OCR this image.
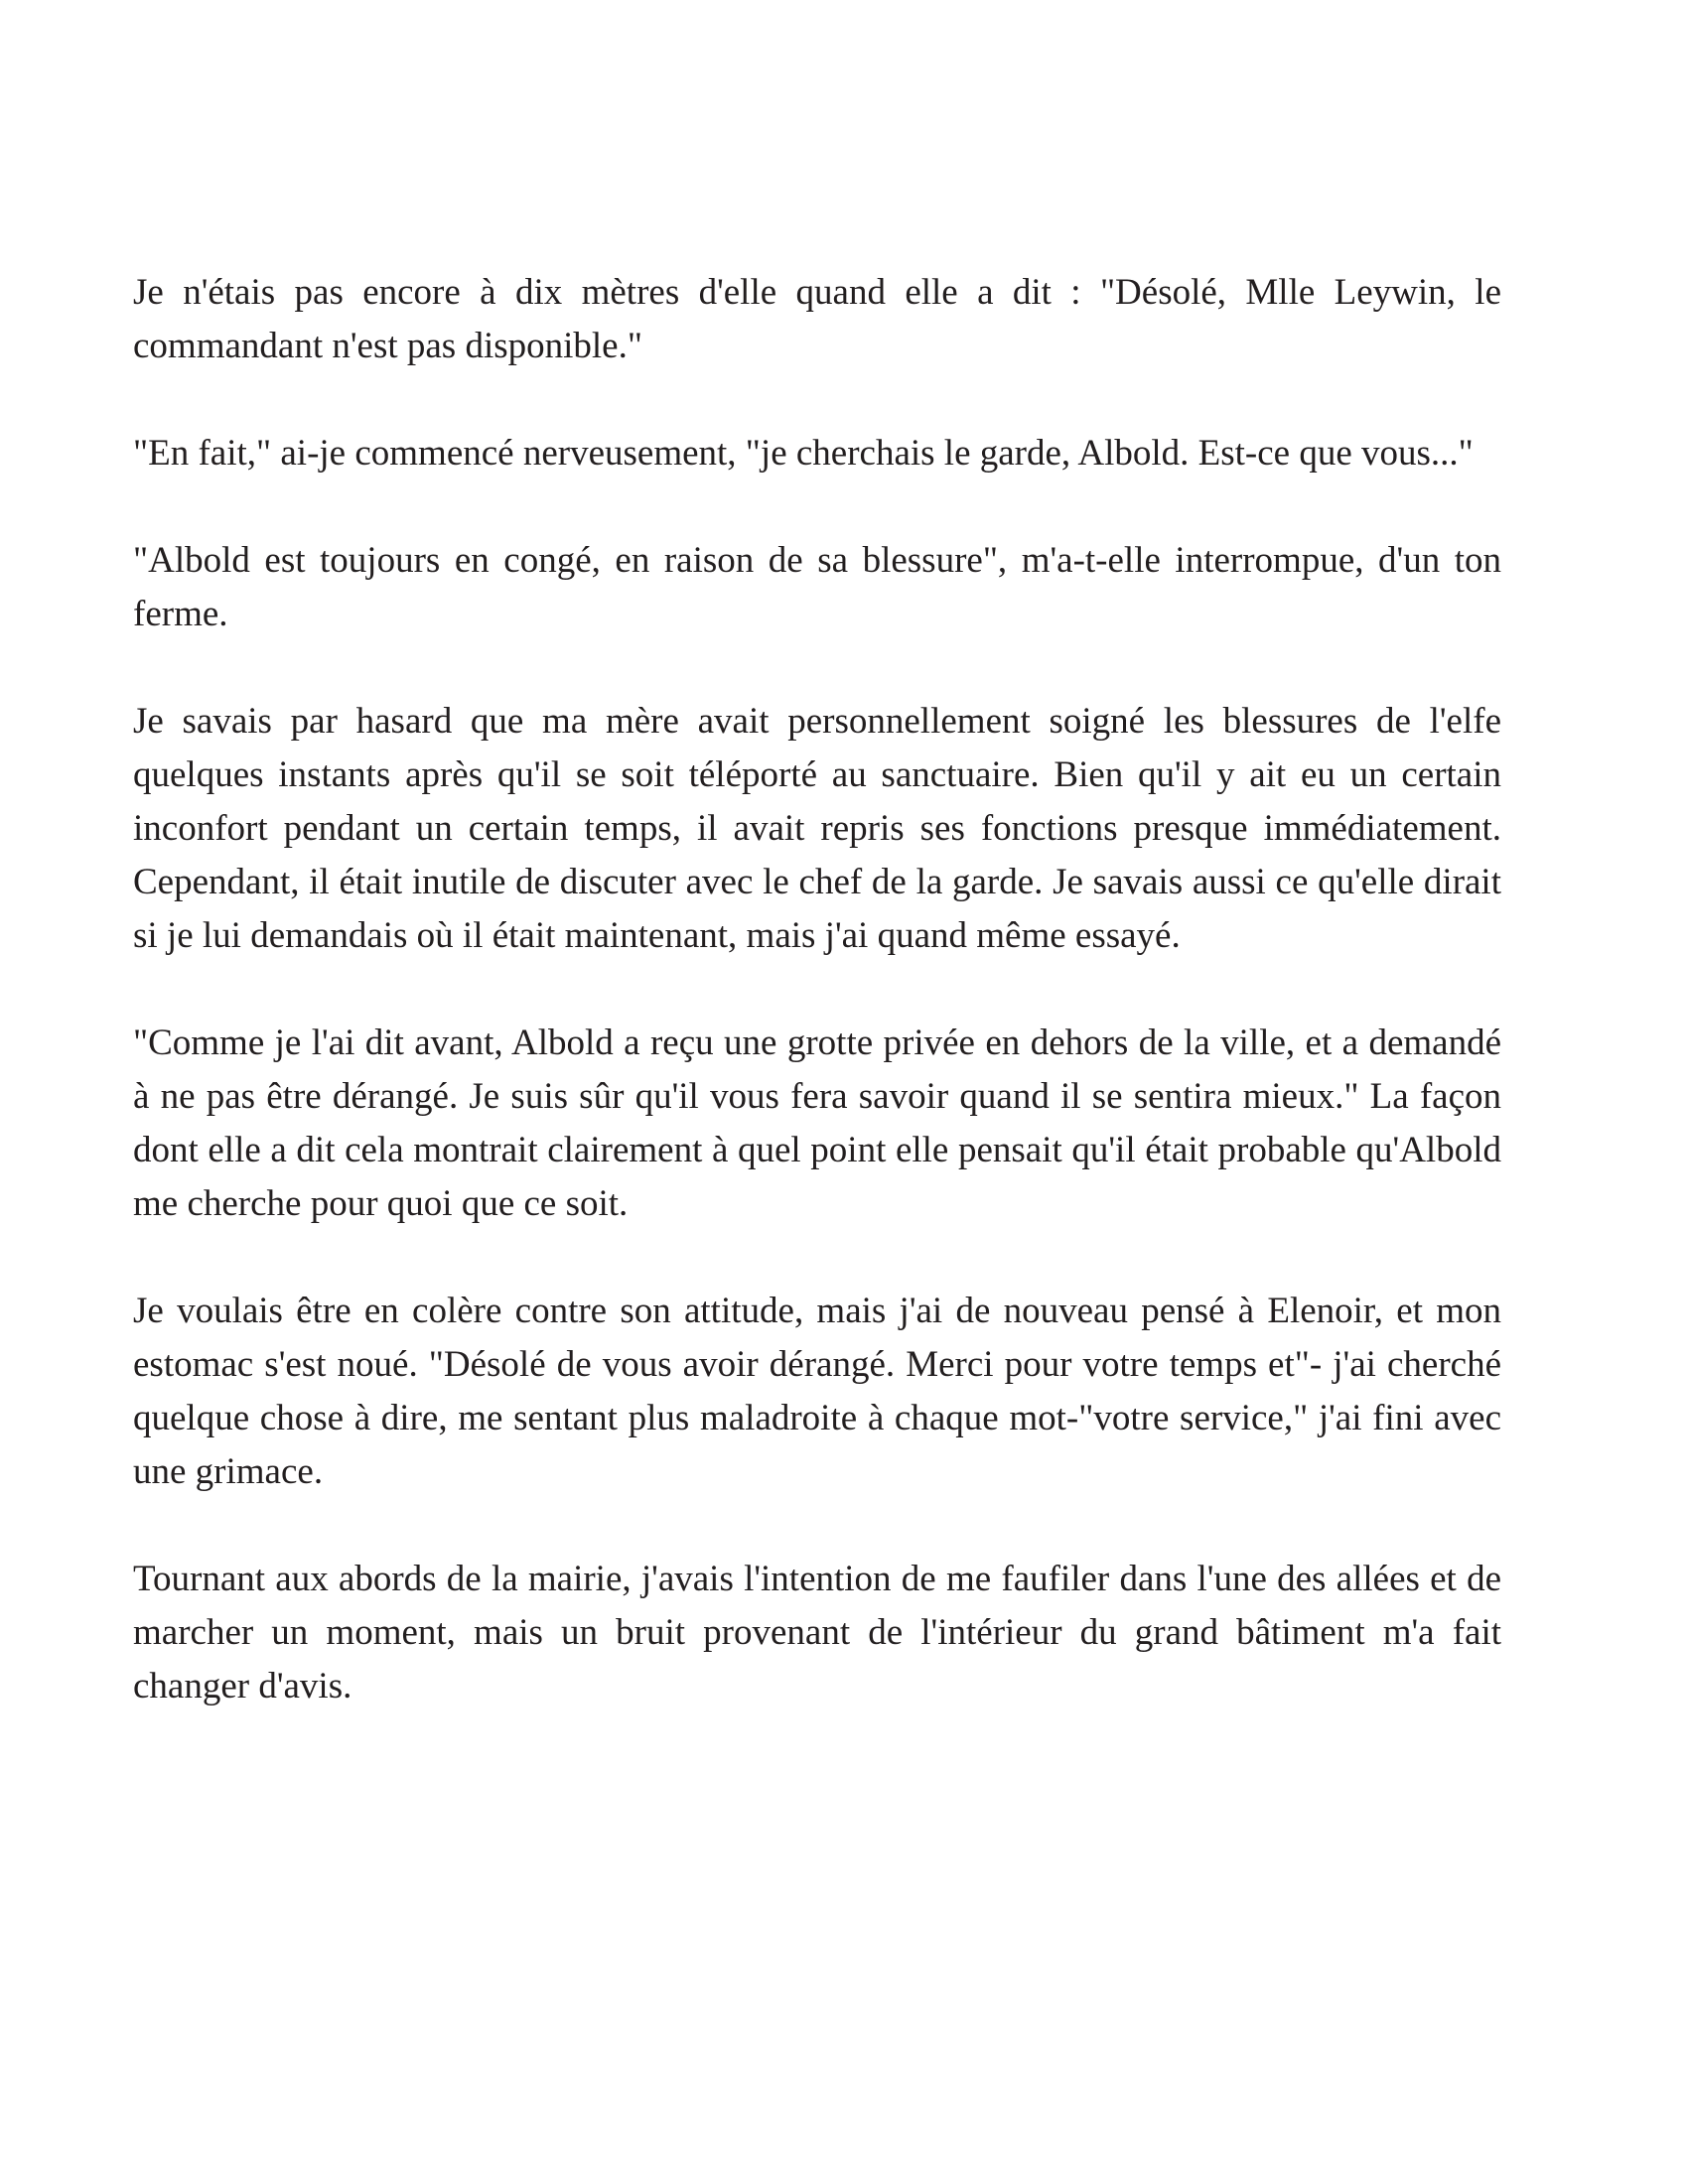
Je n'étais pas encore à dix mètres d'elle quand elle a dit : "Désolé, Mlle Leywin, le commandant n'est pas disponible."

"En fait," ai-je commencé nerveusement, "je cherchais le garde, Albold. Est-ce que vous..."

"Albold est toujours en congé, en raison de sa blessure", m'a-t-elle interrompue, d'un ton ferme.

Je savais par hasard que ma mère avait personnellement soigné les blessures de l'elfe quelques instants après qu'il se soit téléporté au sanctuaire. Bien qu'il y ait eu un certain inconfort pendant un certain temps, il avait repris ses fonctions presque immédiatement. Cependant, il était inutile de discuter avec le chef de la garde. Je savais aussi ce qu'elle dirait si je lui demandais où il était maintenant, mais j'ai quand même essayé.

"Comme je l'ai dit avant, Albold a reçu une grotte privée en dehors de la ville, et a demandé à ne pas être dérangé. Je suis sûr qu'il vous fera savoir quand il se sentira mieux." La façon dont elle a dit cela montrait clairement à quel point elle pensait qu'il était probable qu'Albold me cherche pour quoi que ce soit.

Je voulais être en colère contre son attitude, mais j'ai de nouveau pensé à Elenoir, et mon estomac s'est noué. "Désolé de vous avoir dérangé. Merci pour votre temps et"- j'ai cherché quelque chose à dire, me sentant plus maladroite à chaque mot-"votre service," j'ai fini avec une grimace.

Tournant aux abords de la mairie, j'avais l'intention de me faufiler dans l'une des allées et de marcher un moment, mais un bruit provenant de l'intérieur du grand bâtiment m'a fait changer d'avis.
